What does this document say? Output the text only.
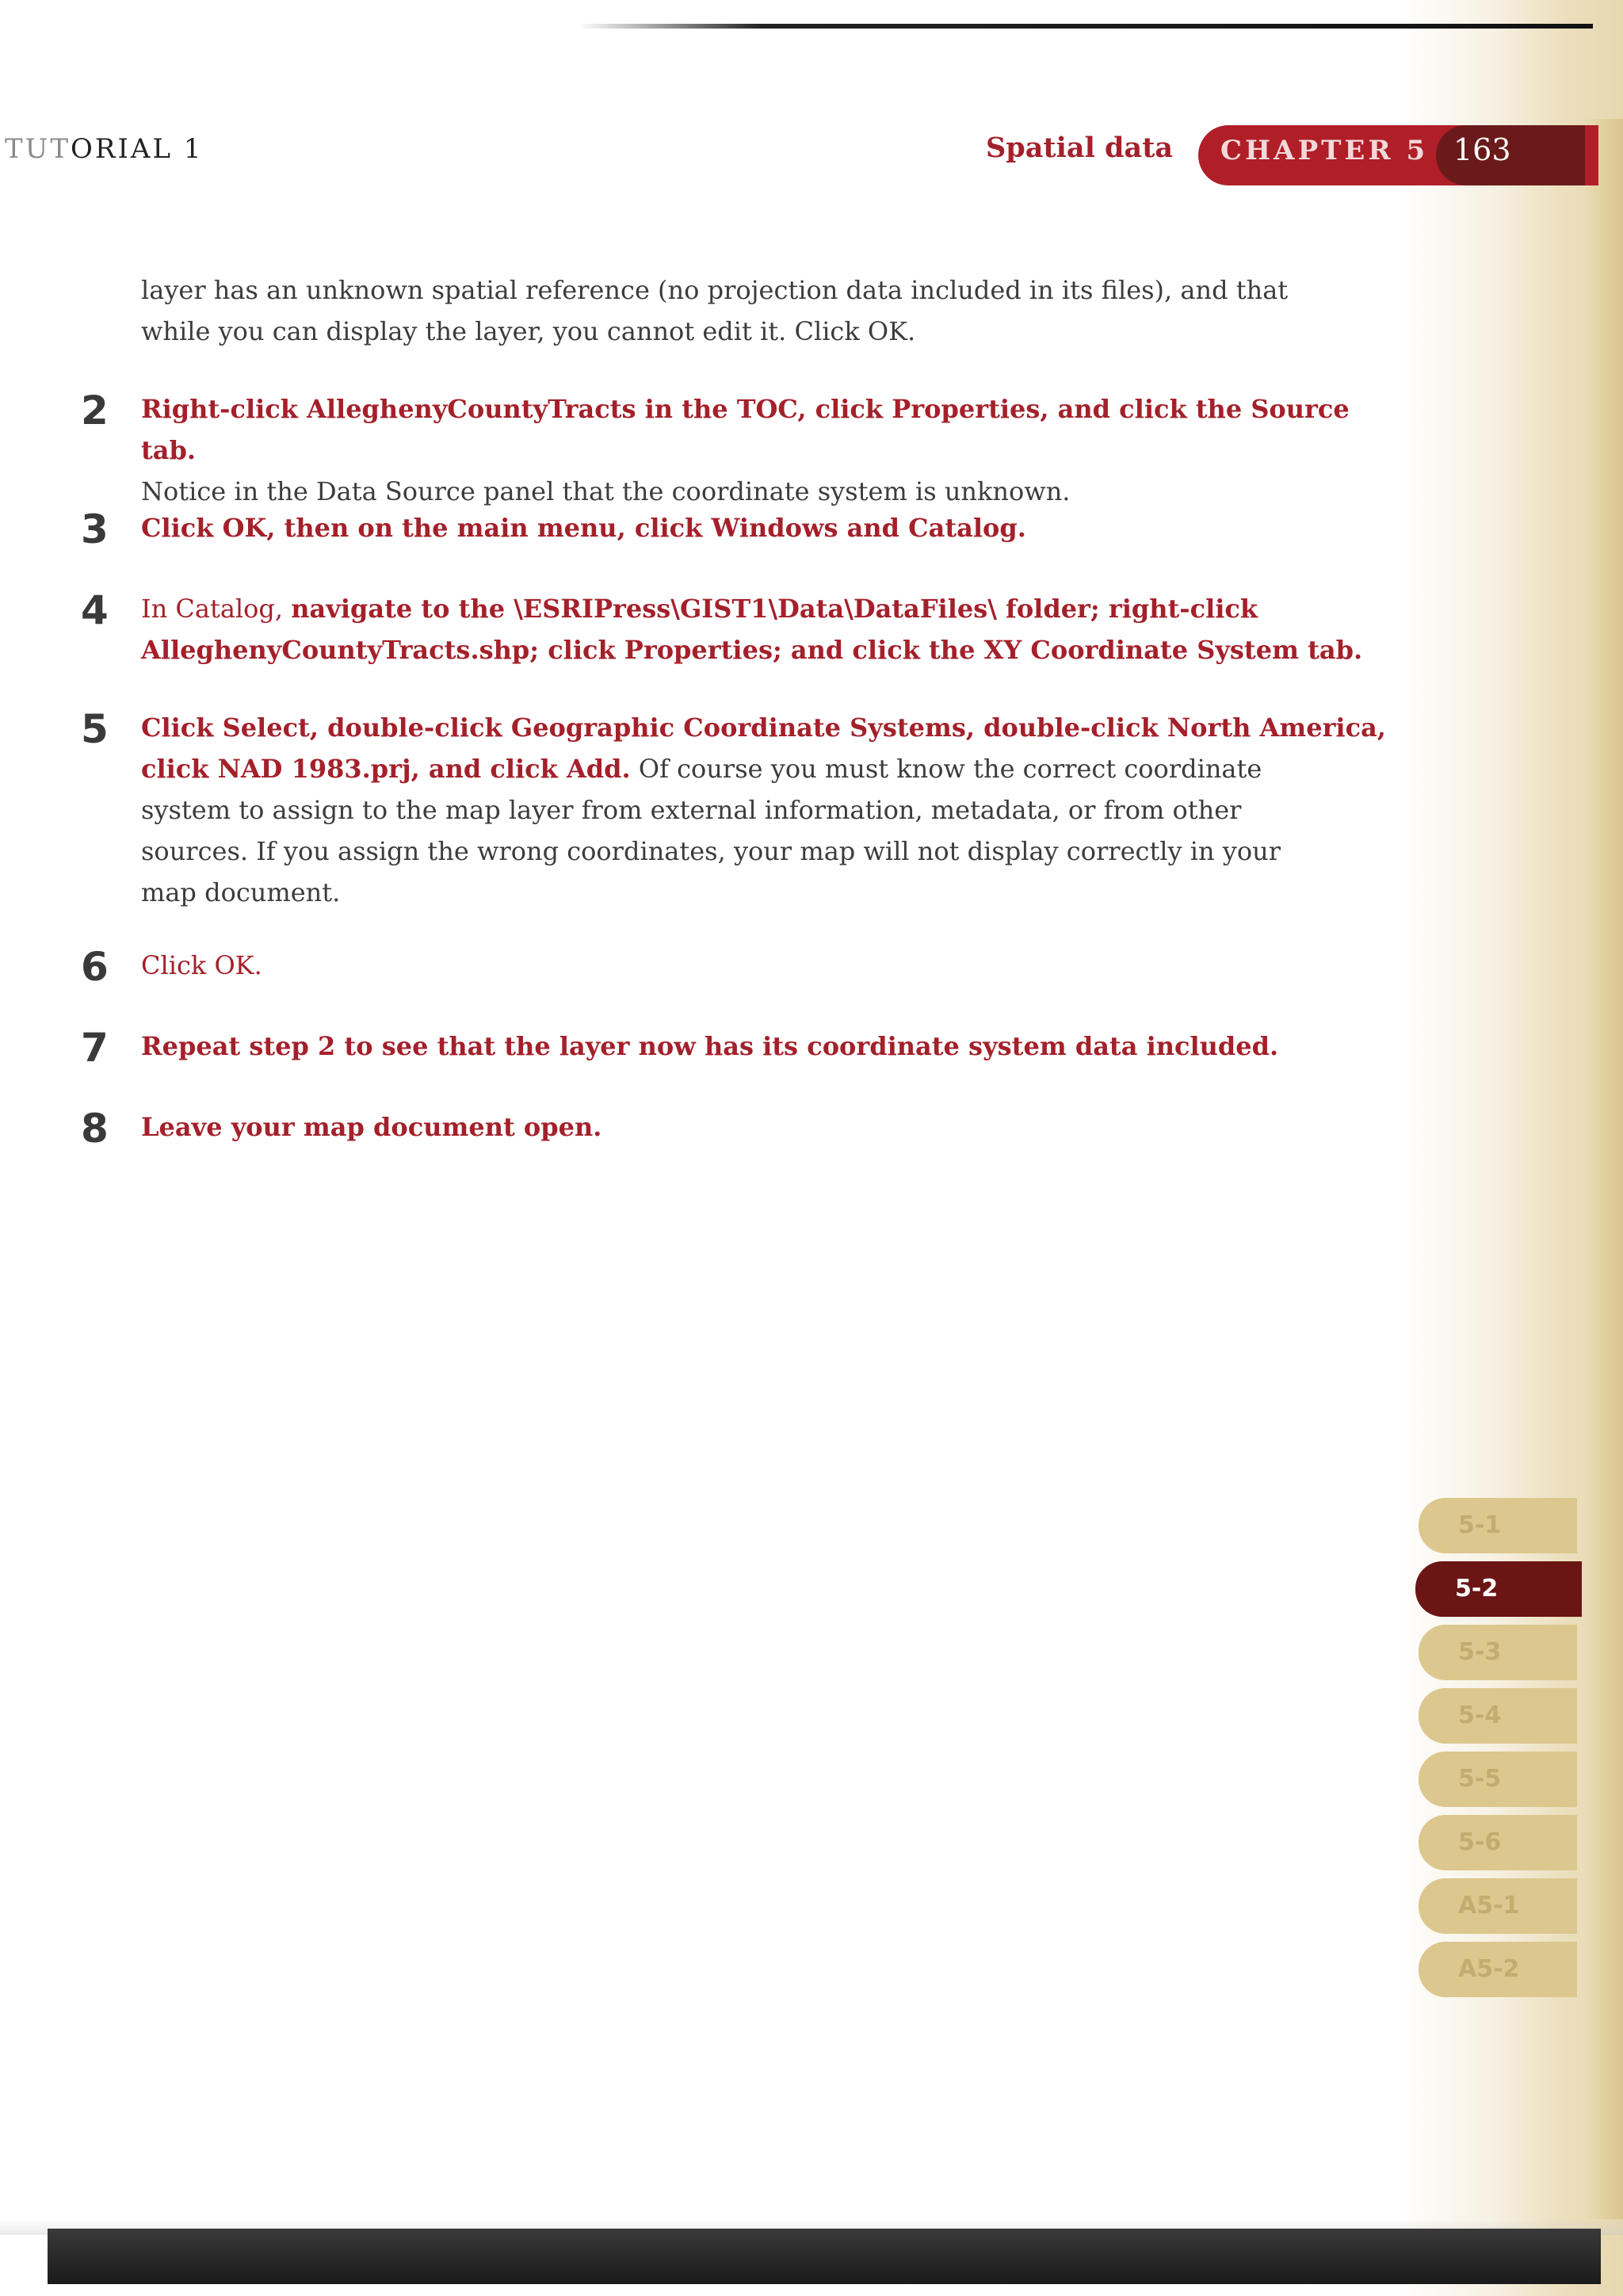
TUTORIAL 1	Spatial data CHAPTER 5 163
layer has an unknown spatial reference (no projection data included in its files), and that
while you can display the layer, you cannot edit it. Click OK.
2 Right-click AlleghenyCountyTracts in the TOC, click Properties, and click the Source tab.
Notice in the Data Source panel that the coordinate system is unknown.
3 Click OK, then on the main menu, click Windows and Catalog.
4 In Catalog, navigate to the \ESRIPress\GIST1\Data\DataFiles\ folder; right-click
AlleghenyCountyTracts.shp; click Properties; and click the XY Coordinate System tab.
5 Click Select, double-click Geographic Coordinate Systems, double-click North America,
click NAD 1983.prj, and click Add. Of course you must know the correct coordinate
system to assign to the map layer from external information, metadata, or from other
sources. If you assign the wrong coordinates, your map will not display correctly in your
map document.
6 Click OK.
7 Repeat step 2 to see that the layer now has its coordinate system data included.
8 Leave your map document open.
5-1
5-2
5-3
5-4
5-5
5-6
A5-1
A5-2
